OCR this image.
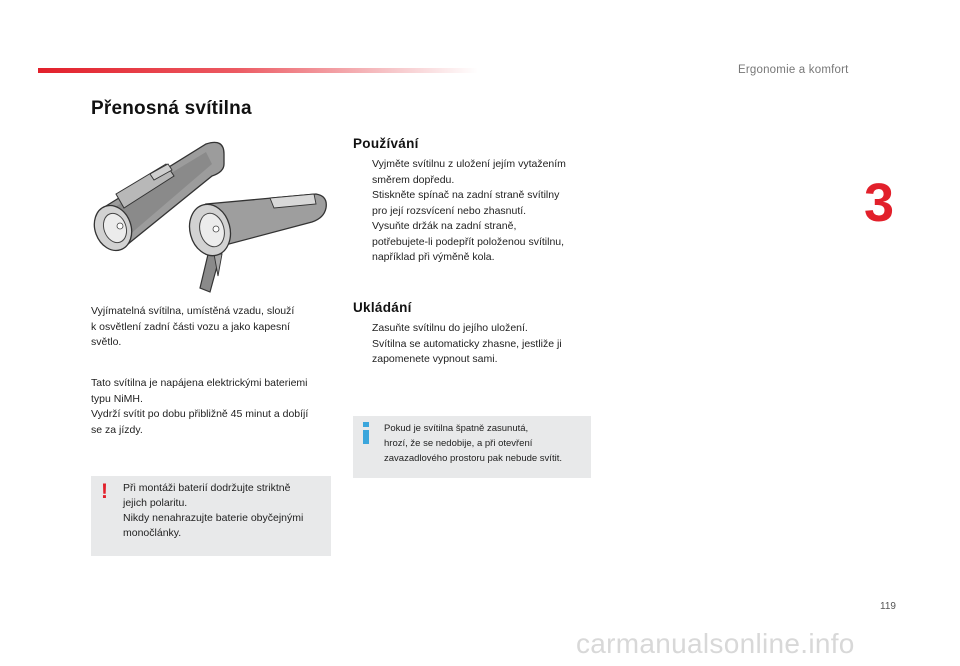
Ergonomie a komfort
3
Přenosná svítilna

Vyjímatelná svítilna, umístěná vzadu, slouží
k osvětlení zadní části vozu a jako kapesní
světlo.

Tato svítilna je napájena elektrickými bateriemi
typu NiMH.
Vydrží svítit po dobu přibližně 45 minut a dobíjí
se za jízdy.

! Při montáži baterií dodržujte striktně
jejich polaritu.
Nikdy nenahrazujte baterie obyčejnými
monočlánky.
Používání
Vyjměte svítilnu z uložení jejím vytažením
směrem dopředu.
Stiskněte spínač na zadní straně svítilny
pro její rozsvícení nebo zhasnutí.
Vysuňte držák na zadní straně,
potřebujete-li podepřít položenou svítilnu,
například při výměně kola.
Ukládání
Zasuňte svítilnu do jejího uložení.
Svítilna se automaticky zhasne, jestliže ji
zapomenete vypnout sami.
Pokud je svítilna špatně zasunutá,
hrozí, že se nedobije, a při otevření
zavazadlového prostoru pak nebude svítit.
119
carmanualsonline.info
